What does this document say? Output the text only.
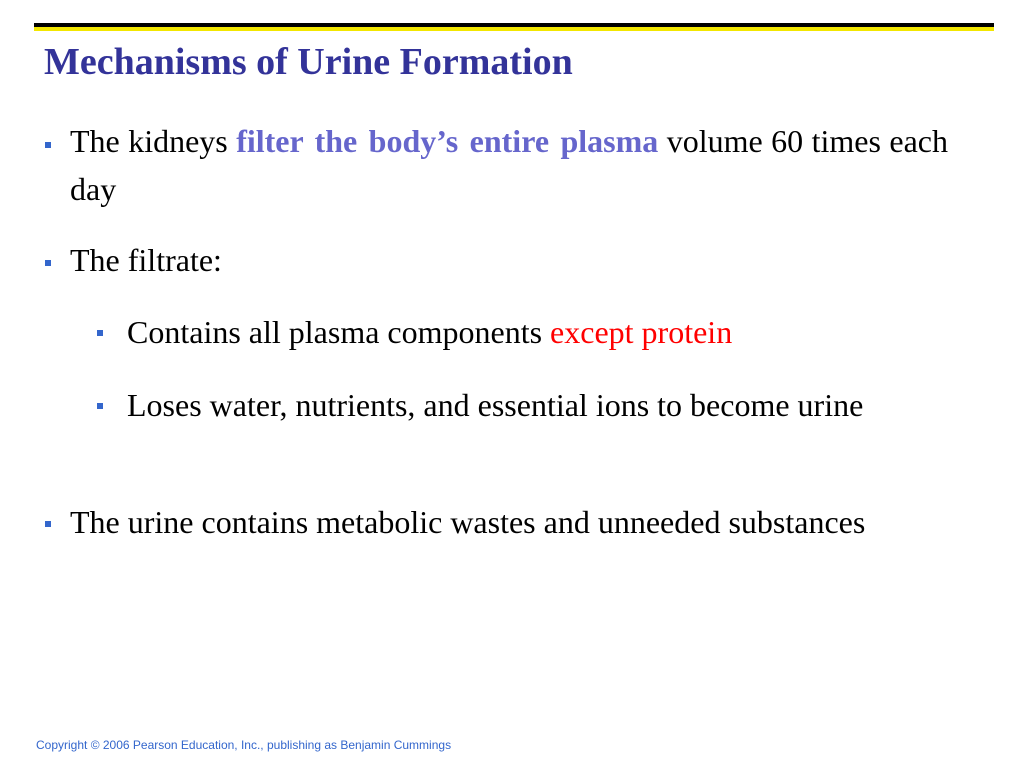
Mechanisms of Urine Formation
The kidneys filter the body’s entire plasma volume 60 times each day
The filtrate:
Contains all plasma components except protein
Loses water, nutrients, and essential ions to become urine
The urine contains metabolic wastes and unneeded substances
Copyright © 2006 Pearson Education, Inc., publishing as Benjamin Cummings
